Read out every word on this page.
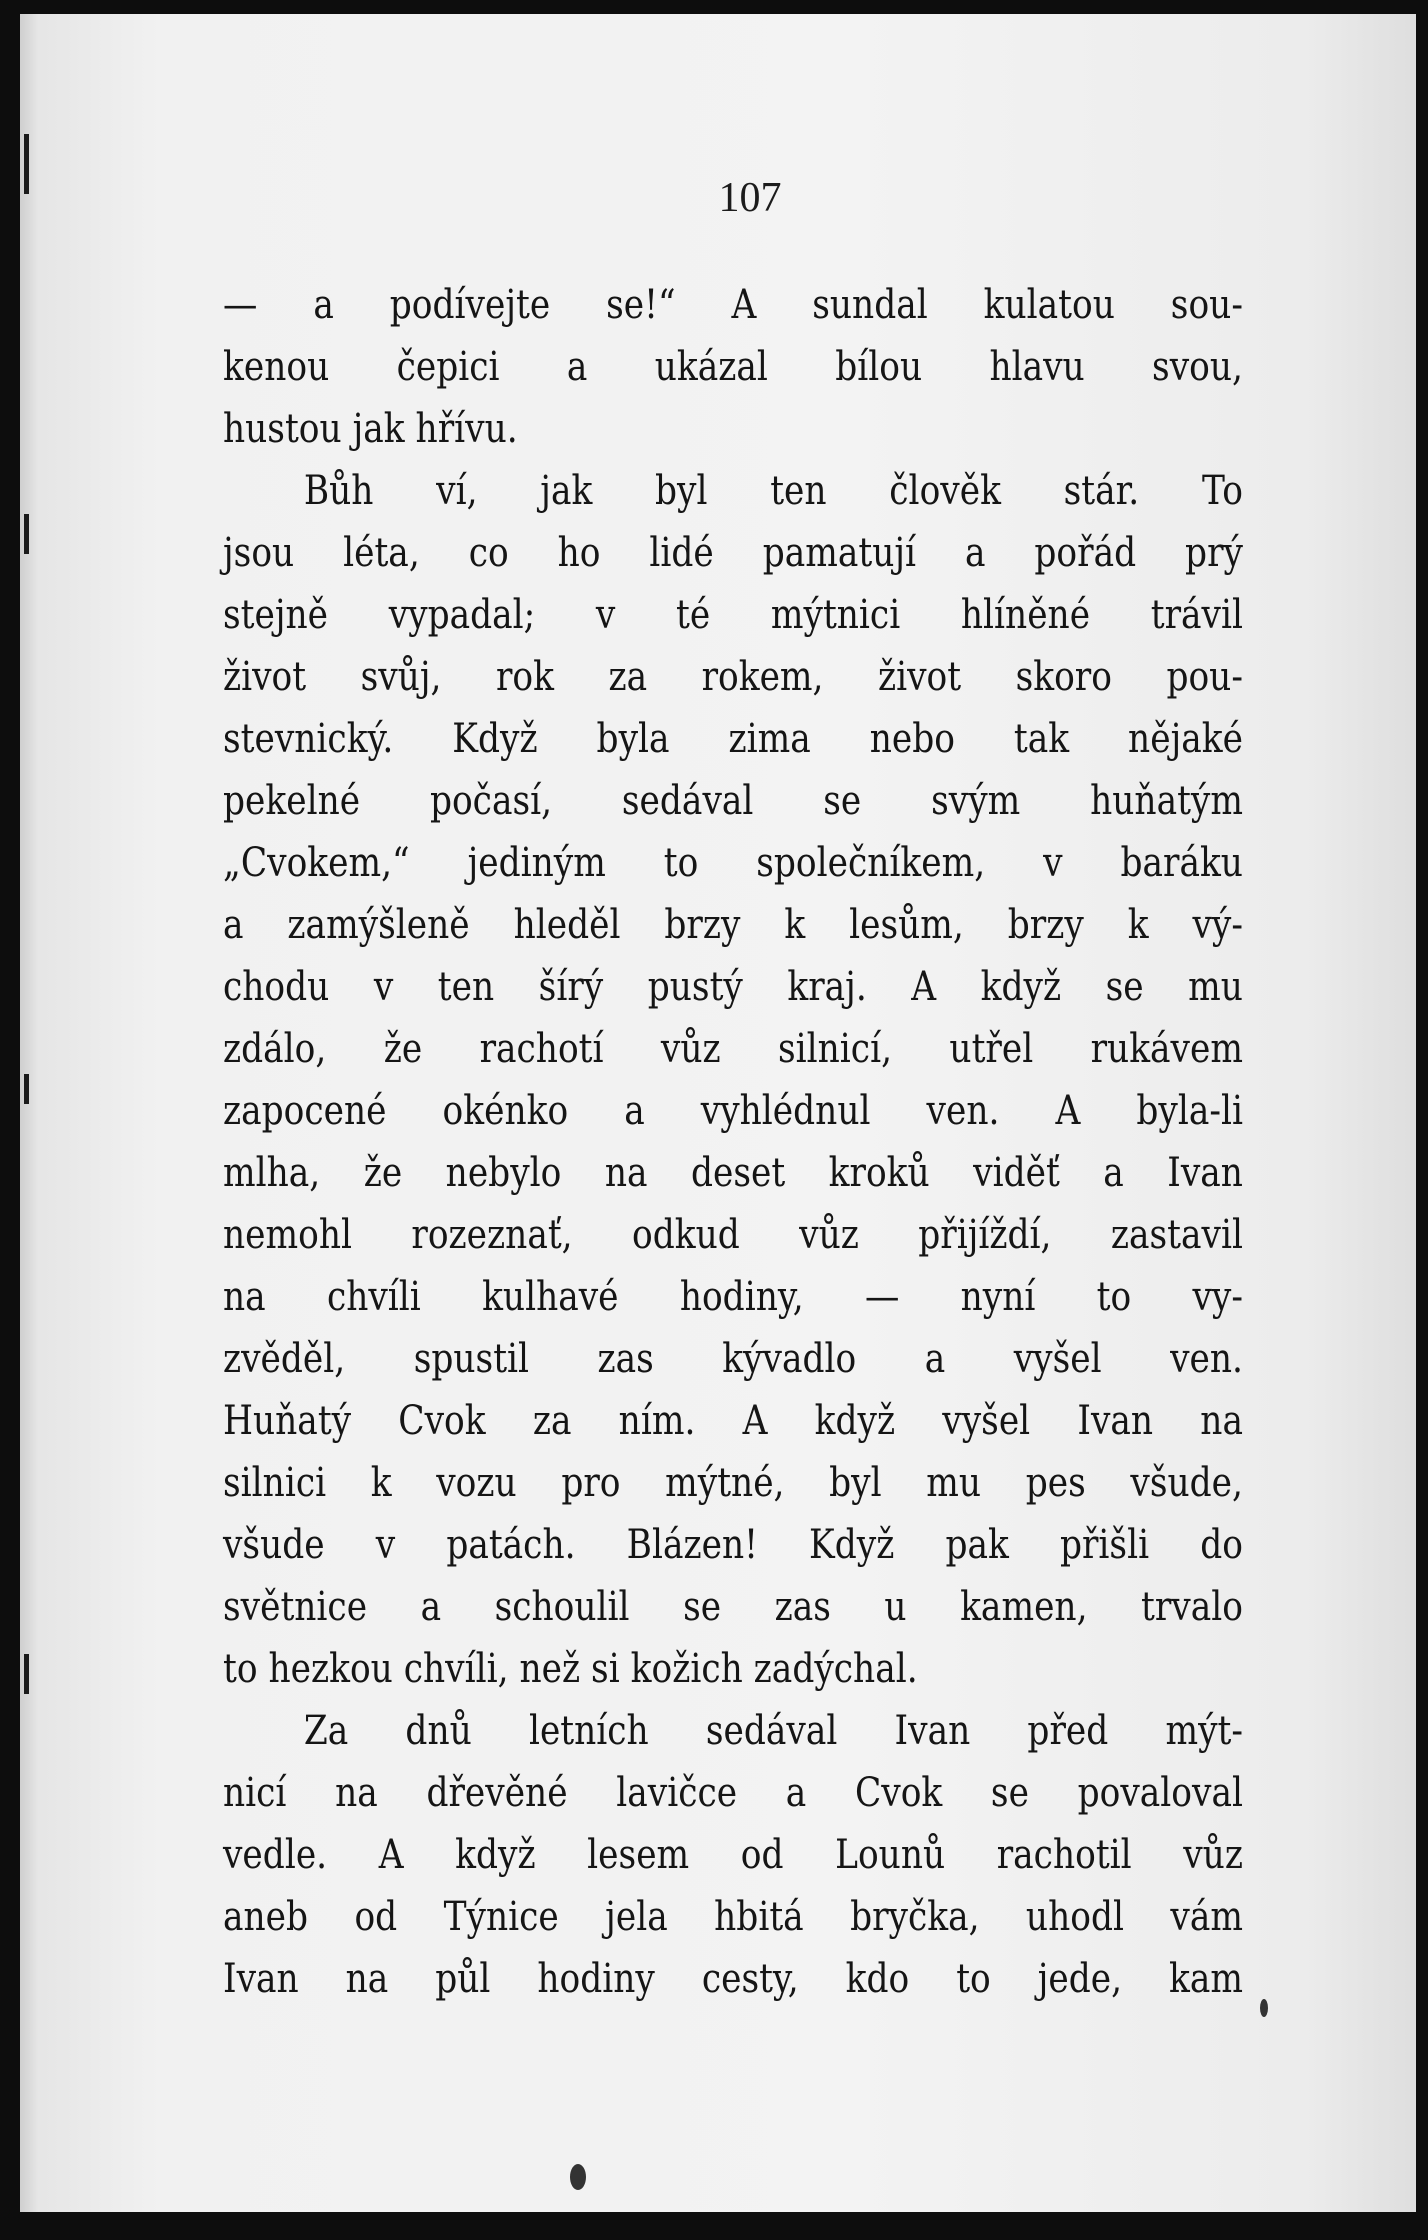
107
— a podívejte se!“ A sundal kulatou sou-
kenou čepici a ukázal bílou hlavu svou,
hustou jak hřívu.
Bůh ví, jak byl ten člověk stár. To
jsou léta, co ho lidé pamatují a pořád prý
stejně vypadal; v té mýtnici hlíněné trávil
život svůj, rok za rokem, život skoro pou-
stevnický. Když byla zima nebo tak nějaké
pekelné počasí, sedával se svým huňatým
„Cvokem,“ jediným to společníkem, v baráku
a zamýšleně hleděl brzy k lesům, brzy k vý-
chodu v ten šírý pustý kraj. A když se mu
zdálo, že rachotí vůz silnicí, utřel rukávem
zapocené okénko a vyhlédnul ven. A byla-li
mlha, že nebylo na deset kroků viděť a Ivan
nemohl rozeznať, odkud vůz přijíždí, zastavil
na chvíli kulhavé hodiny, — nyní to vy-
zvěděl, spustil zas kývadlo a vyšel ven.
Huňatý Cvok za ním. A když vyšel Ivan na
silnici k vozu pro mýtné, byl mu pes všude,
všude v patách. Blázen! Když pak přišli do
světnice a schoulil se zas u kamen, trvalo
to hezkou chvíli, než si kožich zadýchal.
Za dnů letních sedával Ivan před mýt-
nicí na dřevěné lavičce a Cvok se povaloval
vedle. A když lesem od Lounů rachotil vůz
aneb od Týnice jela hbitá bryčka, uhodl vám
Ivan na půl hodiny cesty, kdo to jede, kam
